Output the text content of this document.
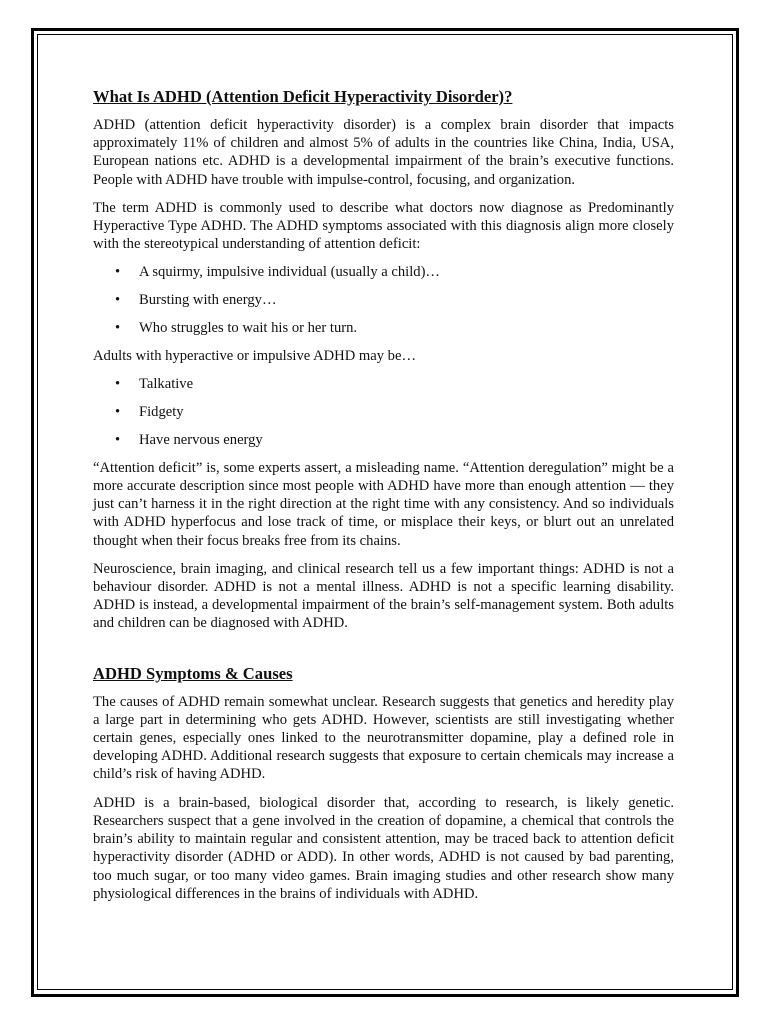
What Is ADHD (Attention Deficit Hyperactivity Disorder)?

ADHD (attention deficit hyperactivity disorder) is a complex brain disorder that impacts approximately 11% of children and almost 5% of adults in the countries like China, India, USA, European nations etc. ADHD is a developmental impairment of the brain’s executive functions. People with ADHD have trouble with impulse-control, focusing, and organization.

The term ADHD is commonly used to describe what doctors now diagnose as Predominantly Hyperactive Type ADHD. The ADHD symptoms associated with this diagnosis align more closely with the stereotypical understanding of attention deficit:

• A squirmy, impulsive individual (usually a child)…
• Bursting with energy…
• Who struggles to wait his or her turn.

Adults with hyperactive or impulsive ADHD may be…

• Talkative
• Fidgety
• Have nervous energy

“Attention deficit” is, some experts assert, a misleading name. “Attention deregulation” might be a more accurate description since most people with ADHD have more than enough attention — they just can’t harness it in the right direction at the right time with any consistency. And so individuals with ADHD hyperfocus and lose track of time, or misplace their keys, or blurt out an unrelated thought when their focus breaks free from its chains.

Neuroscience, brain imaging, and clinical research tell us a few important things: ADHD is not a behaviour disorder. ADHD is not a mental illness. ADHD is not a specific learning disability. ADHD is instead, a developmental impairment of the brain’s self-management system. Both adults and children can be diagnosed with ADHD.

ADHD Symptoms & Causes

The causes of ADHD remain somewhat unclear. Research suggests that genetics and heredity play a large part in determining who gets ADHD. However, scientists are still investigating whether certain genes, especially ones linked to the neurotransmitter dopamine, play a defined role in developing ADHD. Additional research suggests that exposure to certain chemicals may increase a child’s risk of having ADHD.

ADHD is a brain-based, biological disorder that, according to research, is likely genetic. Researchers suspect that a gene involved in the creation of dopamine, a chemical that controls the brain’s ability to maintain regular and consistent attention, may be traced back to attention deficit hyperactivity disorder (ADHD or ADD). In other words, ADHD is not caused by bad parenting, too much sugar, or too many video games. Brain imaging studies and other research show many physiological differences in the brains of individuals with ADHD.
